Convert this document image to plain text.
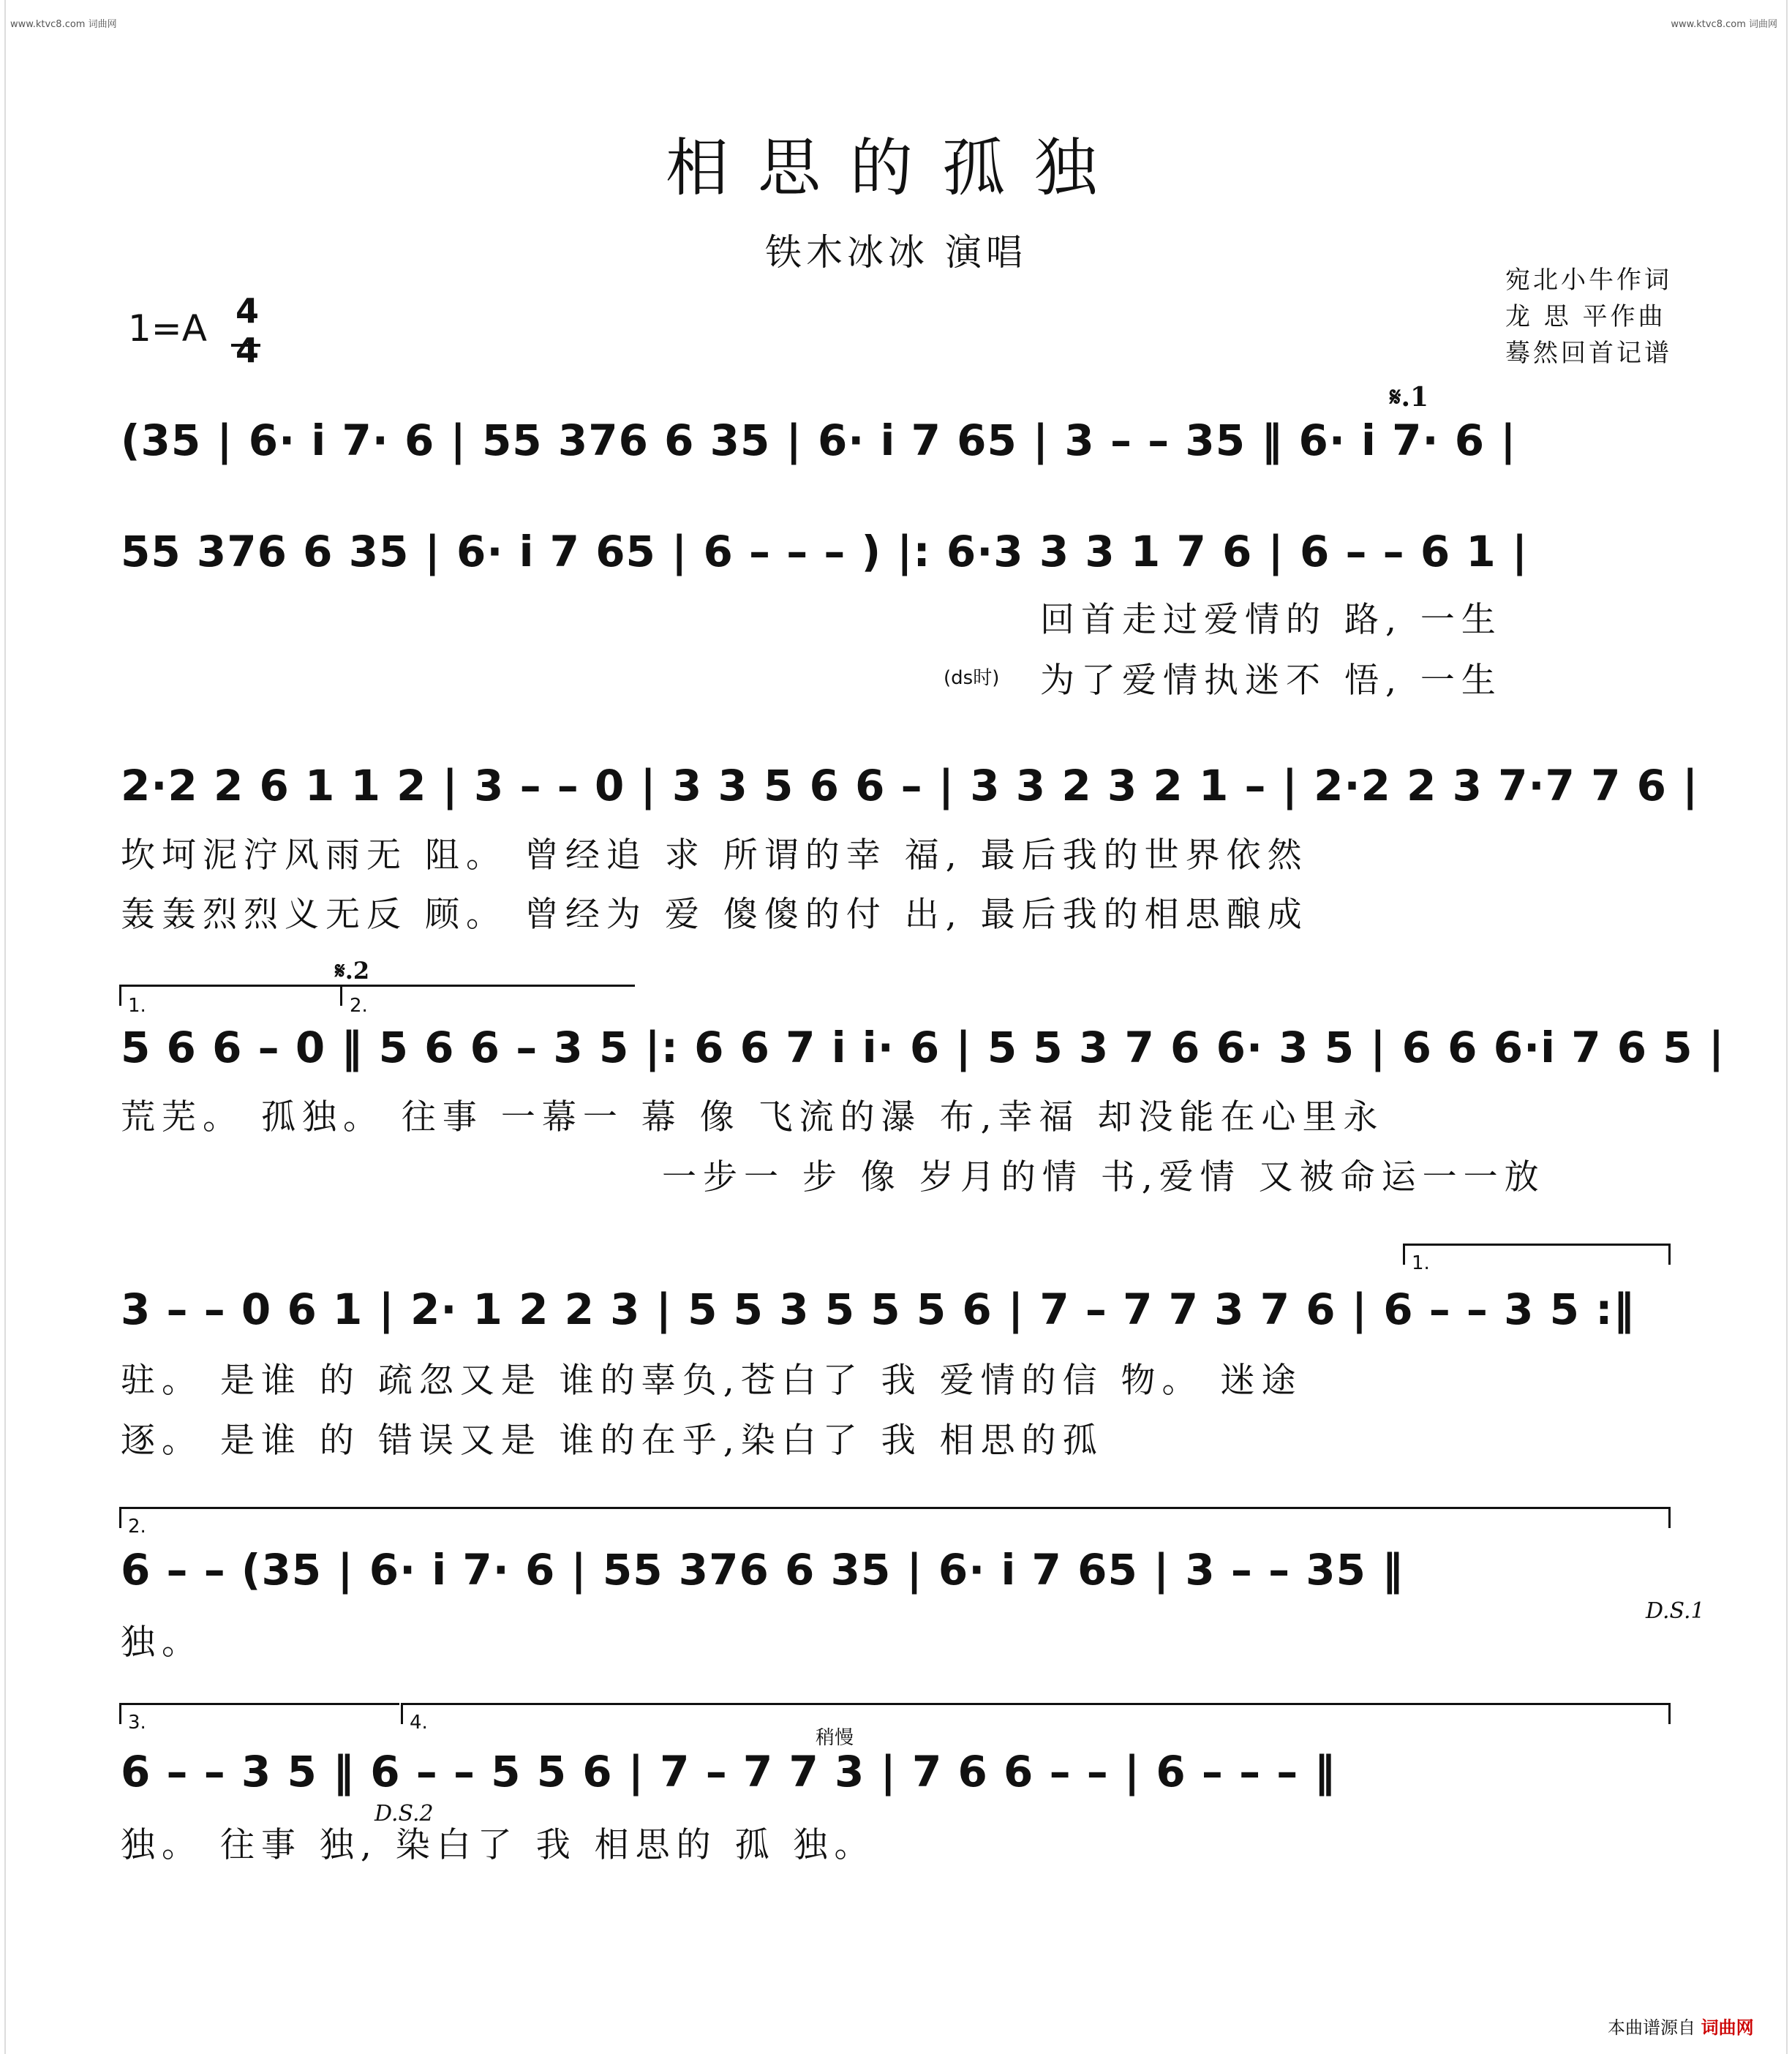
www.ktvc8.com 词曲网	www.ktvc8.com 词曲网
相思的孤独
铁木冰冰 演唱
宛北小牛作词
龙 思 平作曲
蓦然回首记谱
1=A 4
4
𝄋.1
(35 | 6· i 7· 6 | 55 376 6 35 | 6· i 7 65 | 3 – – 35 ‖ 6· i 7· 6 |
55 376 6 35 | 6· i 7 65 | 6 – – – ) |: 6·3 3 3 1 7 6 | 6 – – 6 1 |
回首走过爱情的 路, 一生
(ds时) 为了爱情执迷不 悟, 一生
2·2 2 6 1 1 2 | 3 – – 0 | 3 3 5 6 6 – | 3 3 2 3 2 1 – | 2·2 2 3 7·7 7 6 |
坎坷泥泞风雨无 阻。 曾经追 求 所谓的幸 福, 最后我的世界依然
轰轰烈烈义无反 顾。 曾经为 爱 傻傻的付 出, 最后我的相思酿成
1.	2.
𝄋.2
5 6 6 – 0 ‖ 5 6 6 – 3 5 |: 6 6 7 i i· 6 | 5 5 3 7 6 6· 3 5 | 6 6 6·i 7 6 5 |
荒芜。 孤独。 往事 一幕一 幕 像 飞流的瀑 布,幸福 却没能在心里永
一步一 步 像 岁月的情 书,爱情 又被命运一一放
1.
3 – – 0 6 1 | 2· 1 2 2 3 | 5 5 3 5 5 5 6 | 7 – 7 7 3 7 6 | 6 – – 3 5 :‖
驻。 是谁 的 疏忽又是 谁的辜负,苍白了 我 爱情的信 物。 迷途
逐。 是谁 的 错误又是 谁的在乎,染白了 我 相思的孤
2.
6 – – (35 | 6· i 7· 6 | 55 376 6 35 | 6· i 7 65 | 3 – – 35 ‖
D.S.1
独。
3.	4.
稍慢
6 – – 3 5 ‖ 6 – – 5 5 6 | 7 – 7 7 3 | 7 6 6 – – | 6 – – – ‖
D.S.2
独。 往事 独, 染白了 我 相思的 孤 独。
本曲谱源自 词曲网
